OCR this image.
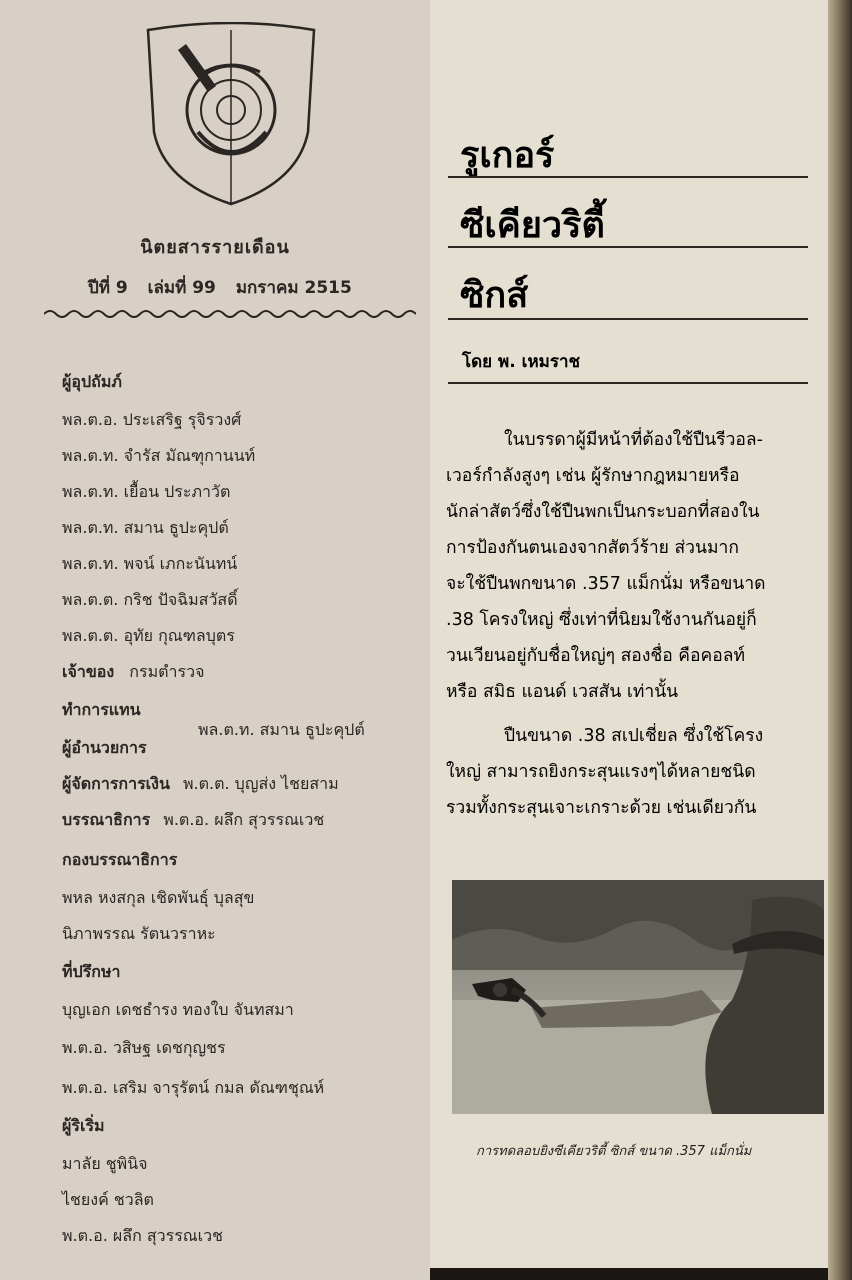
นิตยสารรายเดือน
ปีที่ 9 เล่มที่ 99 มกราคม 2515
ผู้อุปถัมภ์
พล.ต.อ. ประเสริฐ รุจิรวงศ์
พล.ต.ท. จำรัส มัณฑุกานนท์
พล.ต.ท. เยื้อน ประภาวัต
พล.ต.ท. สมาน ธูปะคุปต์
พล.ต.ท. พจน์ เภกะนันทน์
พล.ต.ต. กริช ปัจฉิมสวัสดิ์
พล.ต.ต. อุทัย กุณฑลบุตร
เจ้าของ กรมตำรวจ
ทำการแทน
พล.ต.ท. สมาน ธูปะคุปต์
ผู้อำนวยการ
ผู้จัดการการเงิน พ.ต.ต. บุญส่ง ไชยสาม
บรรณาธิการ พ.ต.อ. ผลึก สุวรรณเวช
กองบรรณาธิการ
พหล หงสกุล เชิดพันธุ์ บุลสุข
นิภาพรรณ รัตนวราหะ
ที่ปรึกษา
บุญเอก เดชธำรง ทองใบ จันทสมา
พ.ต.อ. วสิษฐ เดชกุญชร
พ.ต.อ. เสริม จารุรัตน์ กมล ดัณฑชุณห์
ผู้ริเริ่ม
มาลัย ชูพินิจ
ไชยงค์ ชวลิต
พ.ต.อ. ผลึก สุวรรณเวช
รูเกอร์
ซีเคียวริตี้
ซิกส์
โดย พ. เหมราช
ในบรรดาผู้มีหน้าที่ต้องใช้ปืนรีวอล-
เวอร์กำลังสูงๆ เช่น ผู้รักษากฎหมายหรือ
นักล่าสัตว์ซึ่งใช้ปืนพกเป็นกระบอกที่สองใน
การป้องกันตนเองจากสัตว์ร้าย ส่วนมาก
จะใช้ปืนพกขนาด .357 แม็กนั่ม หรือขนาด
.38 โครงใหญ่ ซึ่งเท่าที่นิยมใช้งานกันอยู่ก็
วนเวียนอยู่กับชื่อใหญ่ๆ สองชื่อ คือคอลท์
หรือ สมิธ แอนด์ เวสสัน เท่านั้น
ปืนขนาด .38 สเปเชี่ยล ซึ่งใช้โครง
ใหญ่ สามารถยิงกระสุนแรงๆได้หลายชนิด
รวมทั้งกระสุนเจาะเกราะด้วย เช่นเดียวกัน
การทดลอบยิงซีเคียวริตี้ ซิกส์ ขนาด .357 แม็กนั่ม
